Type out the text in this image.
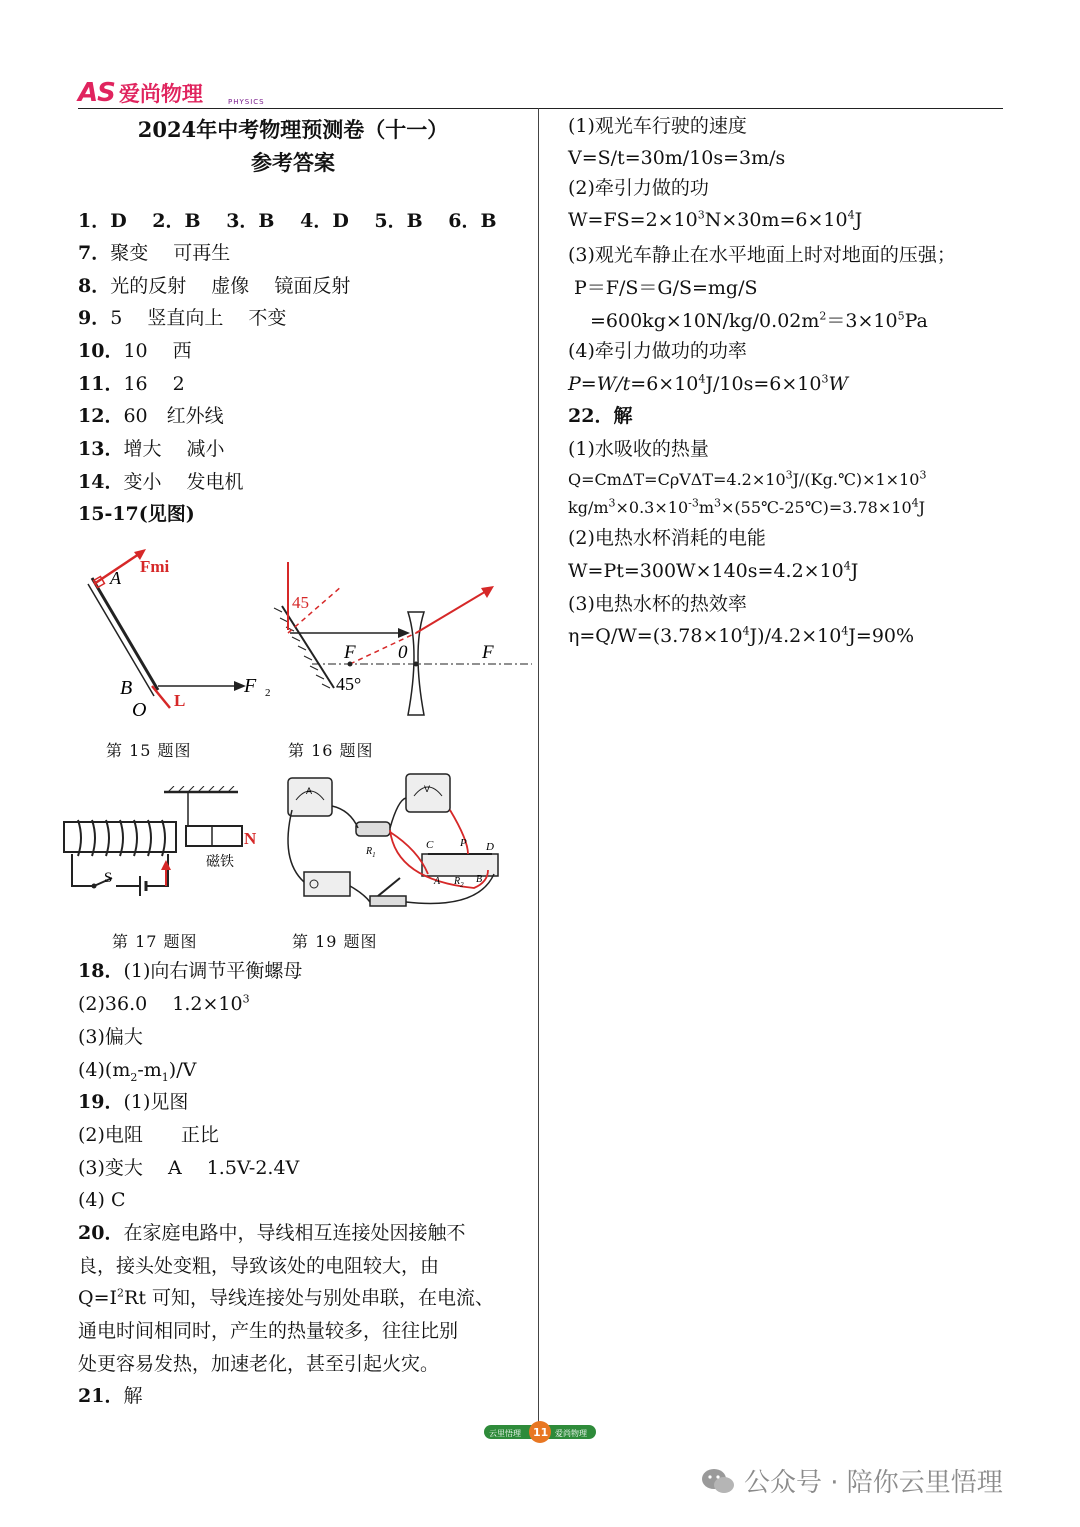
AS 爱尚物理	PHYSICS
2024年中考物理预测卷（十一）
参考答案
1．D　 2．B　 3．B　 4．D　 5．B　 6．B
7．聚变　 可再生
8．光的反射　 虚像　 镜面反射
9．5　 竖直向上　 不变
10．10　 西
11．16　 2
12．60　红外线
13．增大　 减小
14．变小　 发电机
15-17(见图)
Fmi
A
B
O L
F 2
第 15 题图
45
F 0	F
45°
第 16 题图
S
磁铁
N
第 17 题图
A	V
$R_1$
C P D
A $R_2$ B
第 19 题图
18．(1)向右调节平衡螺母
(2)36.0　 $1.2\times 10^3$
(3)偏大
$(4)(m_2-m_1)/V$
19．(1)见图
(2)电阻　　正比
(3)变大　 A　 1.5V-2.4V
(4) C
20．在家庭电路中，导线相互连接处因接触不
良，接头处变粗，导致该处的电阻较大，由
$Q=I^2Rt$ 可知，导线连接处与别处串联，在电流、
通电时间相同时，产生的热量较多，往往比别
处更容易发热，加速老化，甚至引起火灾。
21．解
(1)观光车行驶的速度
V=S/t=30m/10s=3m/s
(2)牵引力做的功
$W=FS=2\times 10^3N\times 30m=6\times 10^4J$
(3)观光车静止在水平地面上时对地面的压强；
P＝F/S＝G/S=mg/S
$=600kg\times 10N/kg/0.02m^2=3\times 10^5Pa$
(4)牵引力做功的功率
$P=W/t=6\times 10^4J/10s=6\times 10^3W$
22．解
(1)水吸收的热量
$Q=Cm\Delta T=C\rho V\Delta T=4.2\times 10^3J/(Kg.℃)\times 1\times 10^3$
$kg/m^3\times 0.3\times 10^{-3}m^3\times(55℃-25℃)=3.78\times 10^4J$
(2)电热水杯消耗的电能
$W=Pt=300W\times 140s=4.2\times 10^4J$
(3)电热水杯的热效率
$\eta=Q/W=(3.78\times 10^4J)/4.2\times 10^4J=90\%$
云里悟理 11 爱尚物理
公众号 · 陪你云里悟理
